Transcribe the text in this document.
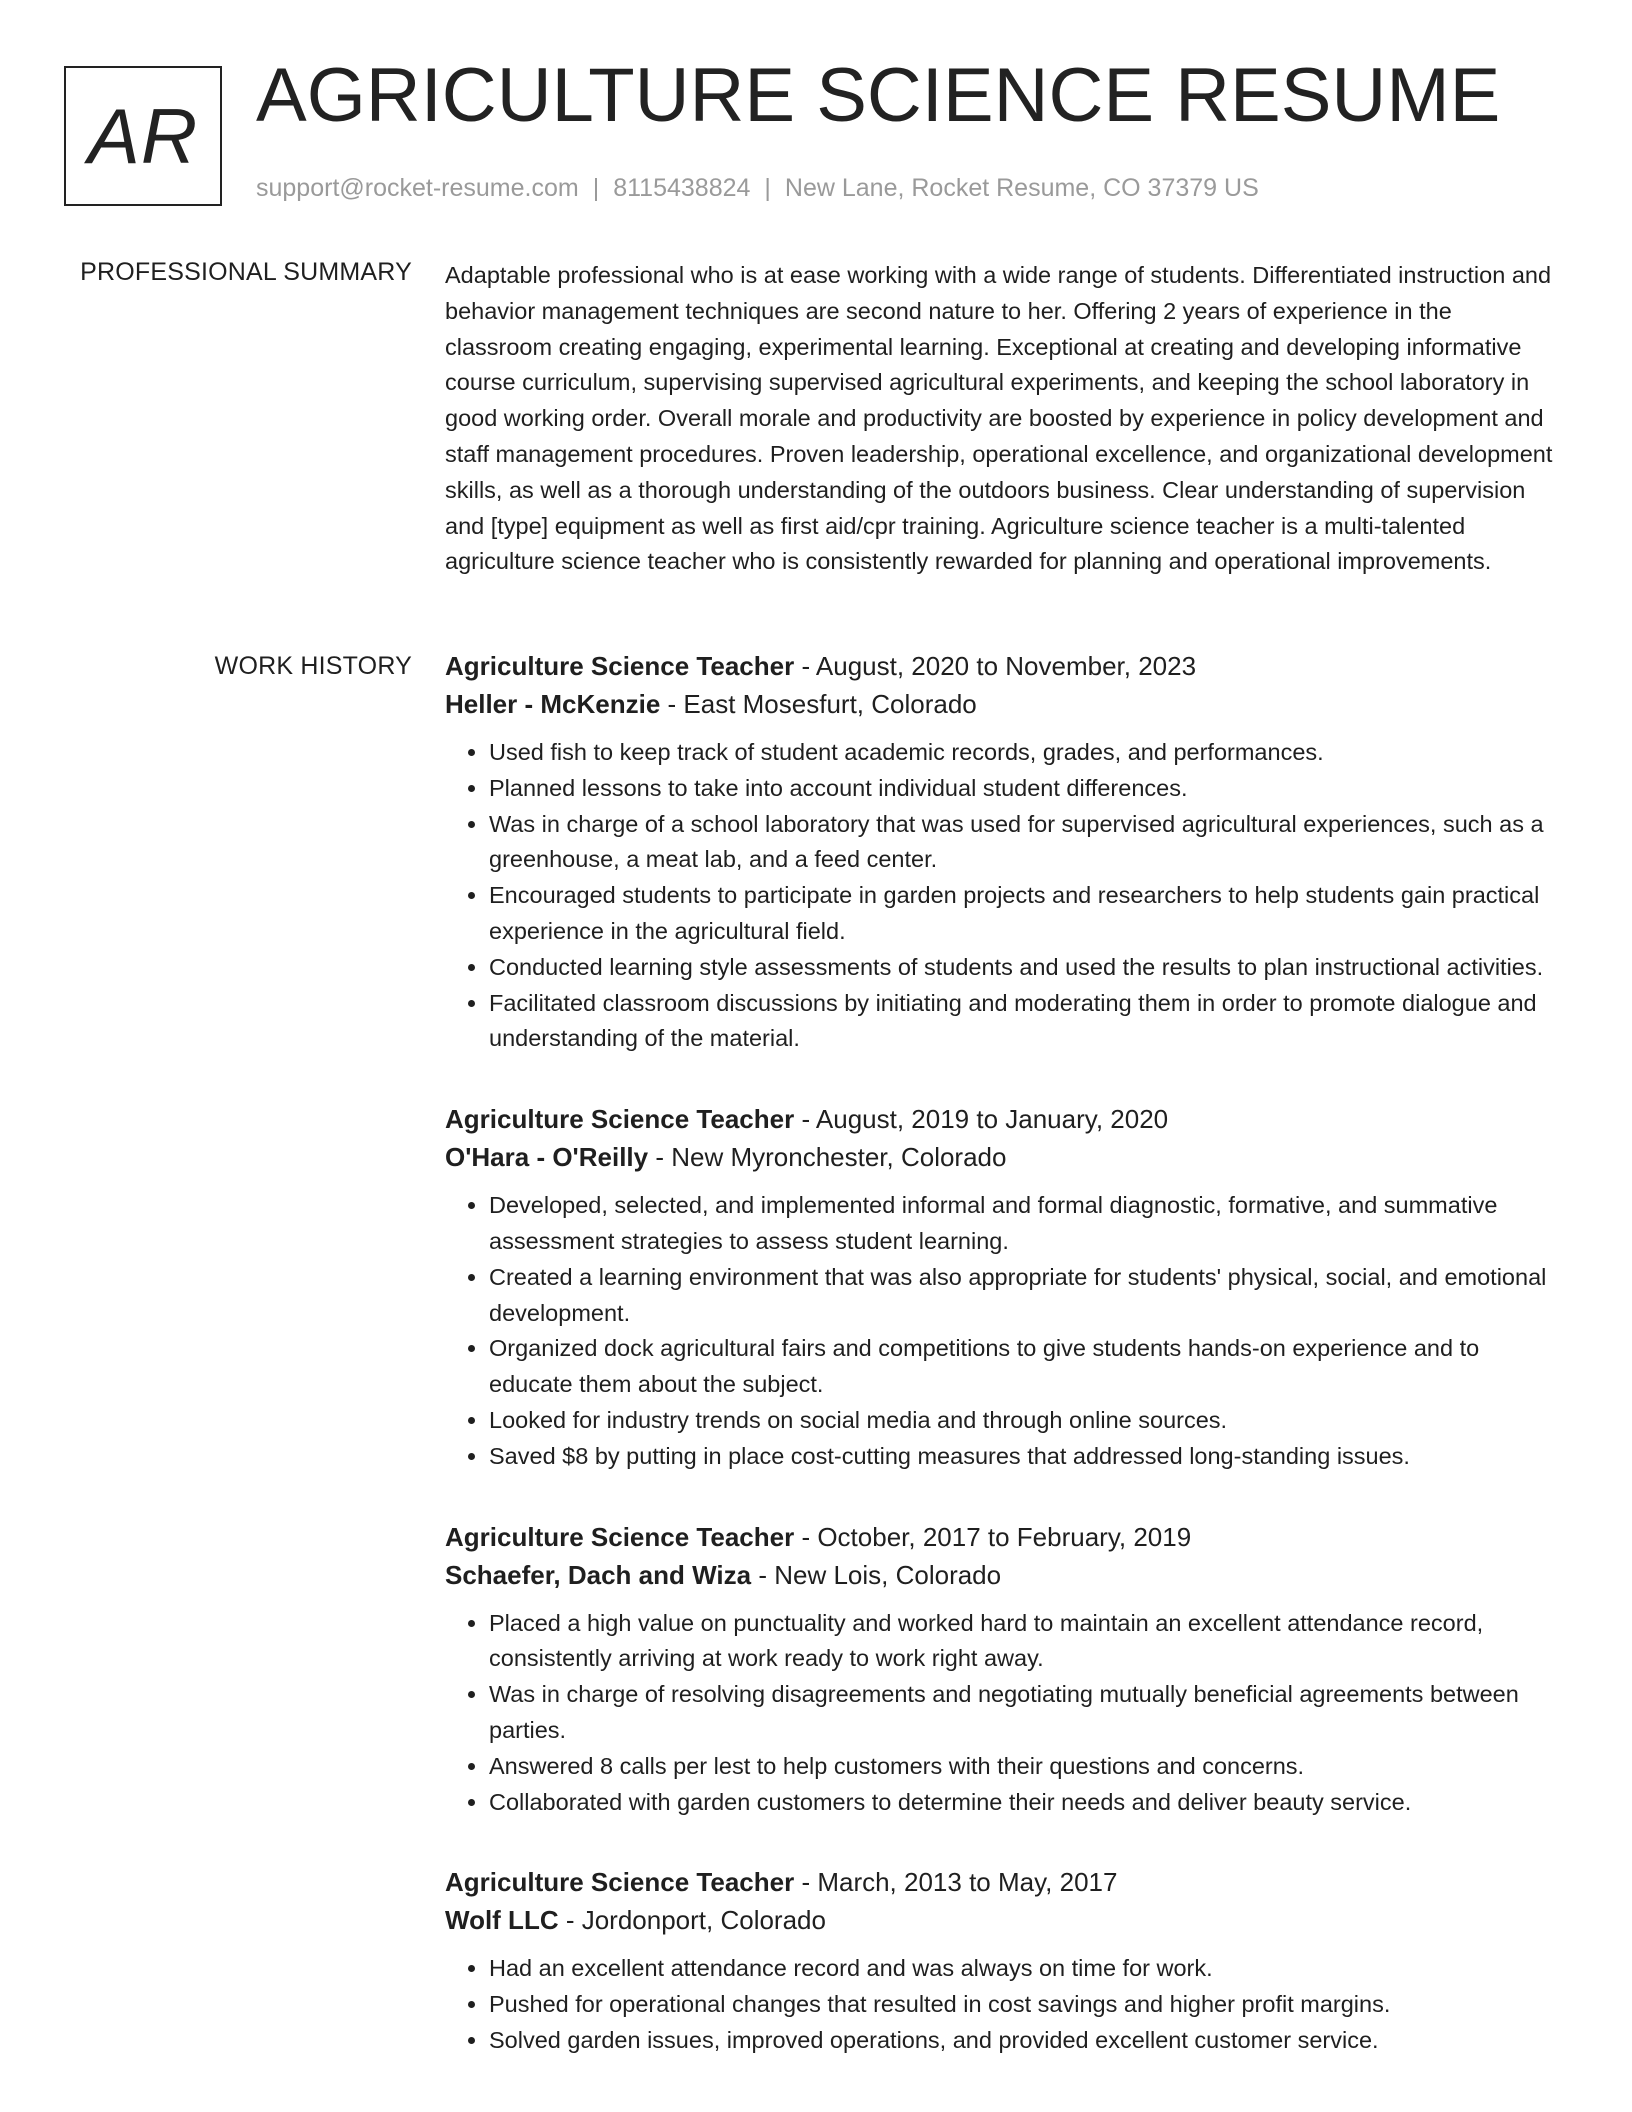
AR AGRICULTURE SCIENCE RESUME
support@rocket-resume.com | 8115438824 | New Lane, Rocket Resume, CO 37379 US
PROFESSIONAL SUMMARY Adaptable professional who is at ease working with a wide range of students. Differentiated instruction and behavior management techniques are second nature to her. Offering 2 years of experience in the classroom creating engaging, experimental learning. Exceptional at creating and developing informative course curriculum, supervising supervised agricultural experiments, and keeping the school laboratory in good working order. Overall morale and productivity are boosted by experience in policy development and staff management procedures. Proven leadership, operational excellence, and organizational development skills, as well as a thorough understanding of the outdoors business. Clear understanding of supervision and [type] equipment as well as first aid/cpr training. Agriculture science teacher is a multi-talented agriculture science teacher who is consistently rewarded for planning and operational improvements.

WORK HISTORY Agriculture Science Teacher - August, 2020 to November, 2023
Heller - McKenzie - East Mosesfurt, Colorado
• Used fish to keep track of student academic records, grades, and performances.
• Planned lessons to take into account individual student differences.
• Was in charge of a school laboratory that was used for supervised agricultural experiences, such as a greenhouse, a meat lab, and a feed center.
• Encouraged students to participate in garden projects and researchers to help students gain practical experience in the agricultural field.
• Conducted learning style assessments of students and used the results to plan instructional activities.
• Facilitated classroom discussions by initiating and moderating them in order to promote dialogue and understanding of the material.
Agriculture Science Teacher - August, 2019 to January, 2020
O'Hara - O'Reilly - New Myronchester, Colorado
• Developed, selected, and implemented informal and formal diagnostic, formative, and summative assessment strategies to assess student learning.
• Created a learning environment that was also appropriate for students' physical, social, and emotional development.
• Organized dock agricultural fairs and competitions to give students hands-on experience and to educate them about the subject.
• Looked for industry trends on social media and through online sources.
• Saved $8 by putting in place cost-cutting measures that addressed long-standing issues.
Agriculture Science Teacher - October, 2017 to February, 2019
Schaefer, Dach and Wiza - New Lois, Colorado
• Placed a high value on punctuality and worked hard to maintain an excellent attendance record, consistently arriving at work ready to work right away.
• Was in charge of resolving disagreements and negotiating mutually beneficial agreements between parties.
• Answered 8 calls per lest to help customers with their questions and concerns.
• Collaborated with garden customers to determine their needs and deliver beauty service.
Agriculture Science Teacher - March, 2013 to May, 2017
Wolf LLC - Jordonport, Colorado
• Had an excellent attendance record and was always on time for work.
• Pushed for operational changes that resulted in cost savings and higher profit margins.
• Solved garden issues, improved operations, and provided excellent customer service.
